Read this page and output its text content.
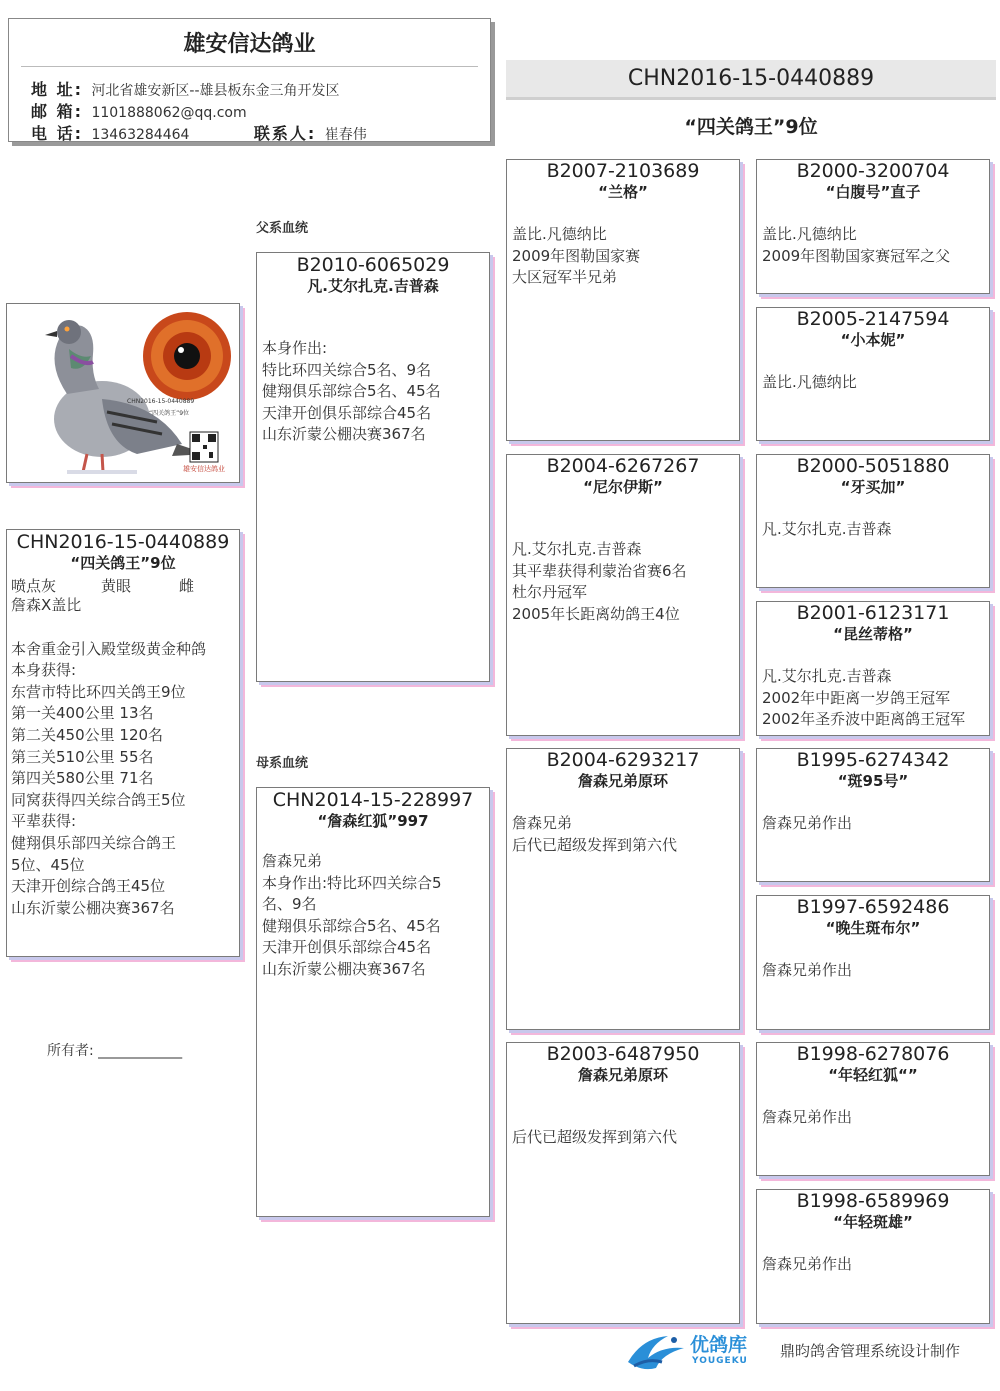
雄安信达鸽业
地 址: 河北省雄安新区--雄县板东金三角开发区
邮 箱: 1101888062@qq.com
电 话: 13463284464	联系人: 崔春伟
CHN2016-15-0440889
“四关鸽王”9位
CHN2016-15-0440889
“四关鸽王”9位
雄安信达鸽业
CHN2016-15-0440889
“四关鸽王”9位
喷点灰	黄眼	雌
詹森X盖比
本舍重金引入殿堂级黄金种鸽
本身获得:
东营市特比环四关鸽王9位
第一关400公里 13名
第二关450公里 120名
第三关510公里 55名
第四关580公里 71名
同窝获得四关综合鸽王5位
平辈获得:
健翔俱乐部四关综合鸽王
5位、45位
天津开创综合鸽王45位
山东沂蒙公棚决赛367名
所有者: ____________
父系血统
母系血统
B2010-6065029
凡.艾尔扎克.吉普森
本身作出:
特比环四关综合5名、9名
健翔俱乐部综合5名、45名
天津开创俱乐部综合45名
山东沂蒙公棚决赛367名
CHN2014-15-228997
“詹森红狐”997
詹森兄弟
本身作出:特比环四关综合5
名、9名
健翔俱乐部综合5名、45名
天津开创俱乐部综合45名
山东沂蒙公棚决赛367名
B2007-2103689
“兰格”
盖比.凡德纳比
2009年图勒国家赛
大区冠军半兄弟
B2004-6267267
“尼尔伊斯”
凡.艾尔扎克.吉普森
其平辈获得利蒙治省赛6名
杜尔丹冠军
2005年长距离幼鸽王4位
B2004-6293217
詹森兄弟原环
詹森兄弟
后代已超级发挥到第六代
B2003-6487950
詹森兄弟原环
后代已超级发挥到第六代
B2000-3200704
“白腹号”直子
盖比.凡德纳比
2009年图勒国家赛冠军之父
B2005-2147594
“小本妮”
盖比.凡德纳比
B2000-5051880
“牙买加”
凡.艾尔扎克.吉普森
B2001-6123171
“昆丝蒂格”
凡.艾尔扎克.吉普森
2002年中距离一岁鸽王冠军
2002年圣乔波中距离鸽王冠军
B1995-6274342
“斑95号”
詹森兄弟作出
B1997-6592486
“晚生斑布尔”
詹森兄弟作出
B1998-6278076
“年轻红狐“”
詹森兄弟作出
B1998-6589969
“年轻斑雄”
詹森兄弟作出
优鸽库
YOUGEKU
鼎昀鸽舍管理系统设计制作
